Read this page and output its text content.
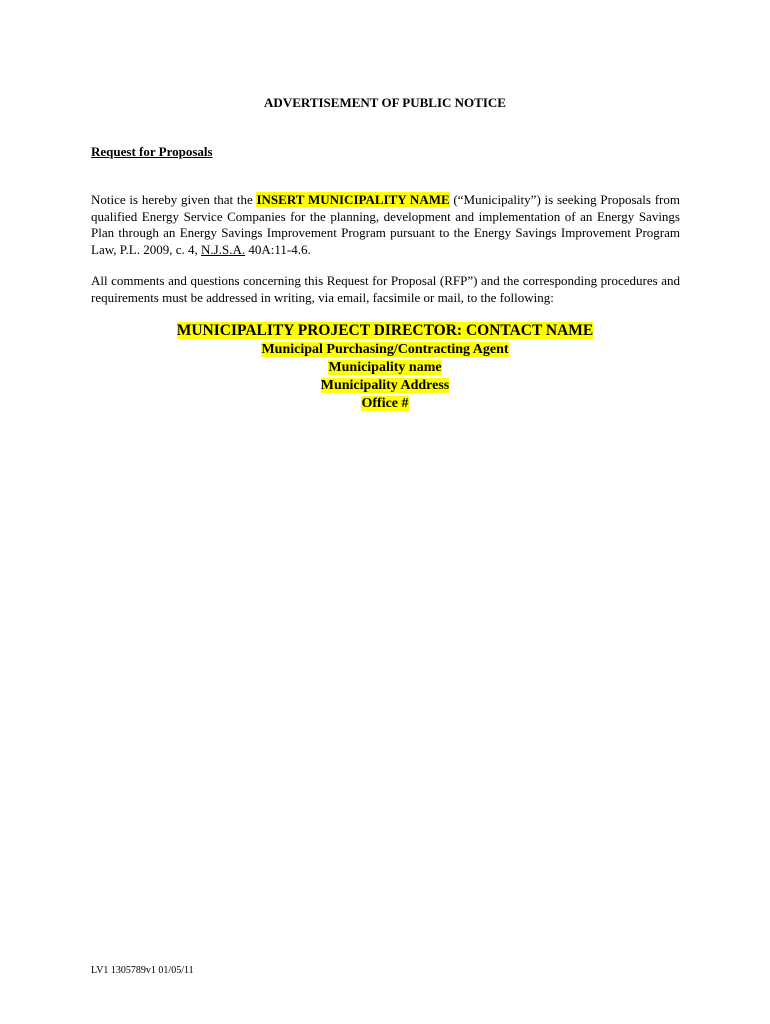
ADVERTISEMENT OF PUBLIC NOTICE
Request for Proposals
Notice is hereby given that the INSERT MUNICIPALITY NAME (“Municipality”) is seeking Proposals from qualified Energy Service Companies for the planning, development and implementation of an Energy Savings Plan through an Energy Savings Improvement Program pursuant to the Energy Savings Improvement Program Law, P.L. 2009, c. 4, N.J.S.A. 40A:11-4.6.
All comments and questions concerning this Request for Proposal (RFP”) and the corresponding procedures and requirements must be addressed in writing, via email, facsimile or mail, to the following:
MUNICIPALITY PROJECT DIRECTOR: CONTACT NAME
Municipal Purchasing/Contracting Agent
Municipality name
Municipality Address
Office #
LV1 1305789v1 01/05/11
